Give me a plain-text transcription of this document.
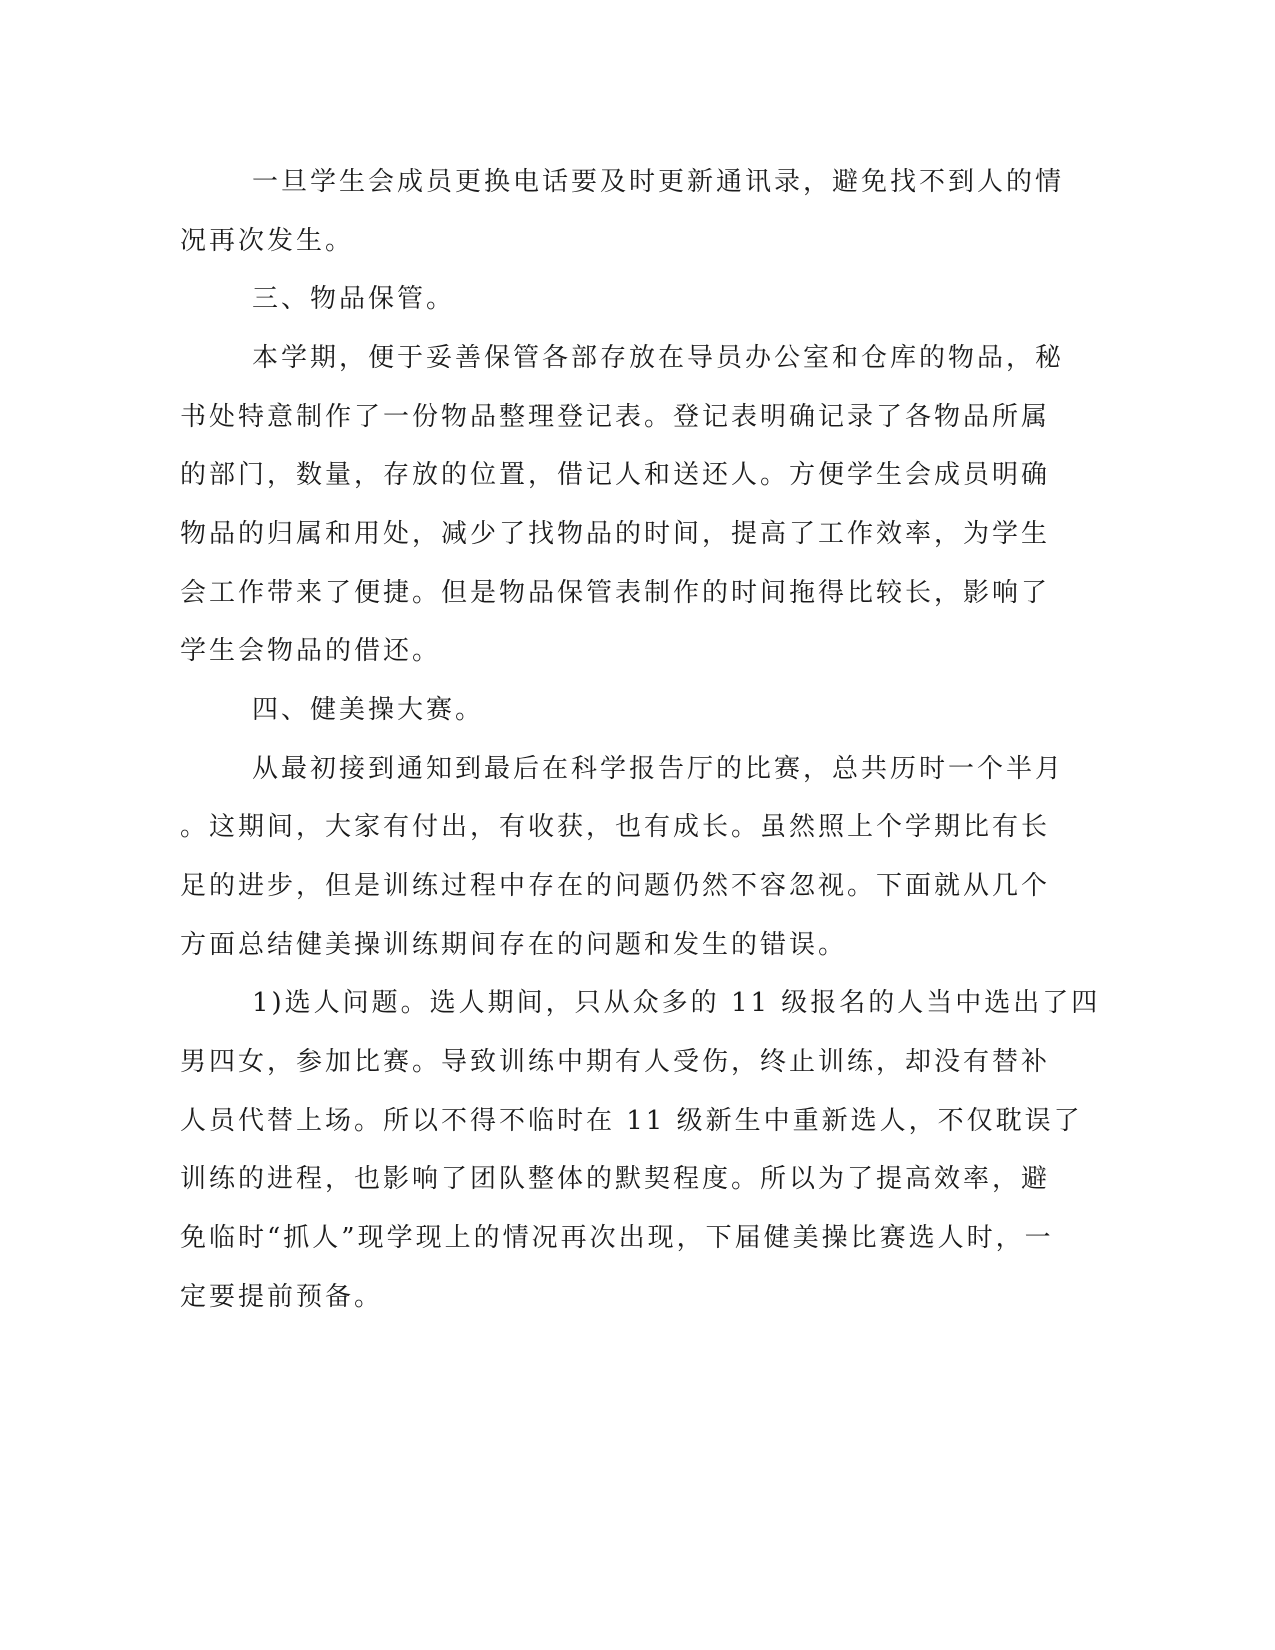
一旦学生会成员更换电话要及时更新通讯录，避免找不到人的情
况再次发生。
三、物品保管。
本学期，便于妥善保管各部存放在导员办公室和仓库的物品，秘
书处特意制作了一份物品整理登记表。登记表明确记录了各物品所属
的部门，数量，存放的位置，借记人和送还人。方便学生会成员明确
物品的归属和用处，减少了找物品的时间，提高了工作效率，为学生
会工作带来了便捷。但是物品保管表制作的时间拖得比较长，影响了
学生会物品的借还。
四、健美操大赛。
从最初接到通知到最后在科学报告厅的比赛，总共历时一个半月
。这期间，大家有付出，有收获，也有成长。虽然照上个学期比有长
足的进步，但是训练过程中存在的问题仍然不容忽视。下面就从几个
方面总结健美操训练期间存在的问题和发生的错误。
1)选人问题。选人期间，只从众多的 11 级报名的人当中选出了四
男四女，参加比赛。导致训练中期有人受伤，终止训练，却没有替补
人员代替上场。所以不得不临时在 11 级新生中重新选人，不仅耽误了
训练的进程，也影响了团队整体的默契程度。所以为了提高效率，避
免临时“抓人”现学现上的情况再次出现，下届健美操比赛选人时，一
定要提前预备。
